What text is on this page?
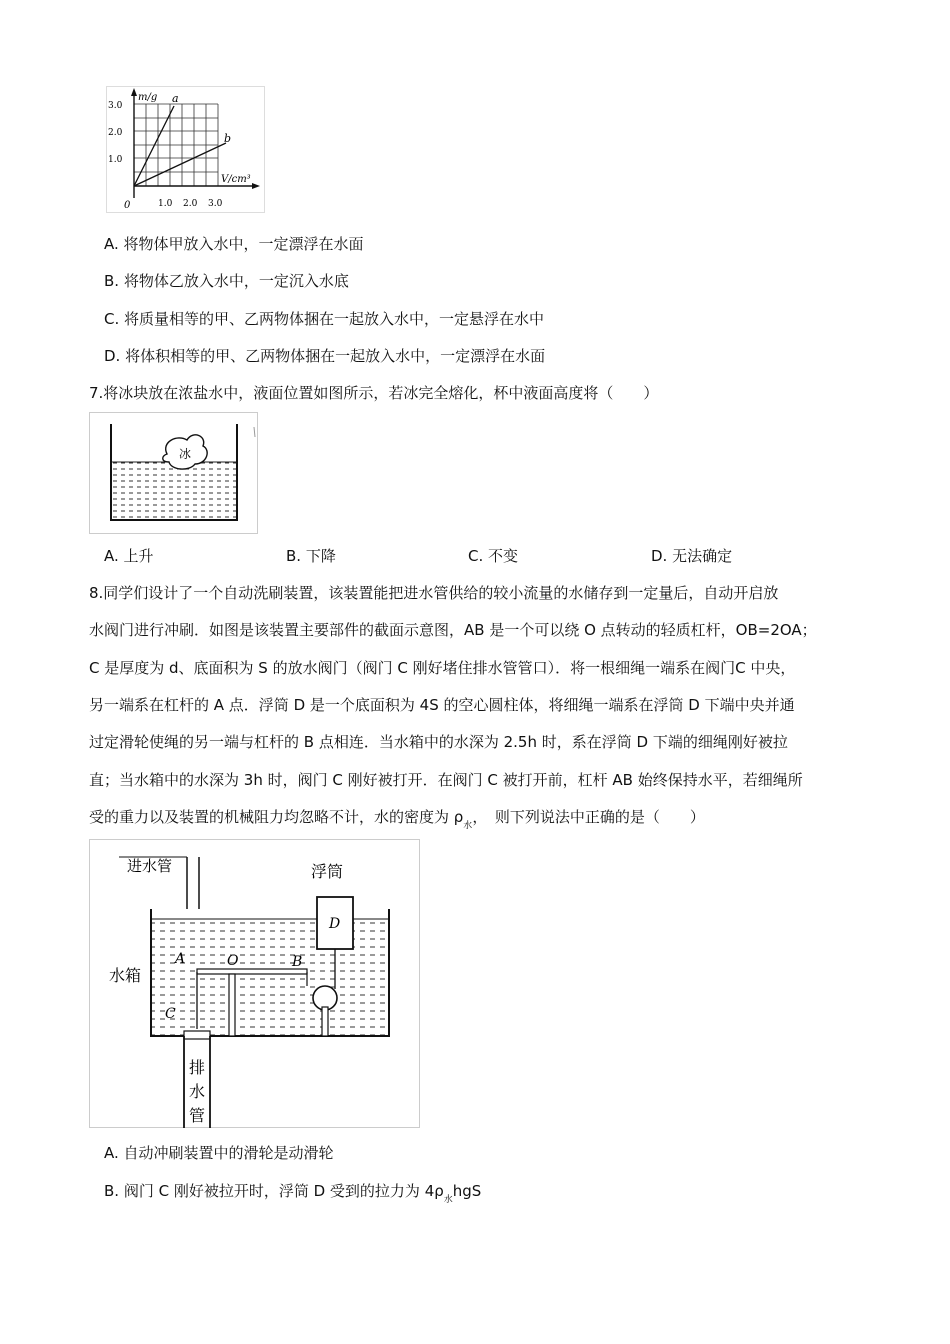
m/g a
b
3.0
2.0
1.0
V/cm³
0	1.0 2.0 3.0
A. 将物体甲放入水中，一定漂浮在水面
B. 将物体乙放入水中，一定沉入水底
C. 将质量相等的甲、乙两物体捆在一起放入水中，一定悬浮在水中
D. 将体积相等的甲、乙两物体捆在一起放入水中，一定漂浮在水面
7.将冰块放在浓盐水中，液面位置如图所示，若冰完全熔化，杯中液面高度将（　　）
冰
A. 上升	B. 下降	C. 不变	D. 无法确定
8.同学们设计了一个自动洗刷装置，该装置能把进水管供给的较小流量的水储存到一定量后，自动开启放
水阀门进行冲刷．如图是该装置主要部件的截面示意图，AB 是一个可以绕 O 点转动的轻质杠杆，OB=2OA；
C 是厚度为 d、底面积为 S 的放水阀门（阀门 C 刚好堵住排水管管口）．将一根细绳一端系在阀门C 中央，
另一端系在杠杆的 A 点．浮筒 D 是一个底面积为 4S 的空心圆柱体，将细绳一端系在浮筒 D 下端中央并通
过定滑轮使绳的另一端与杠杆的 B 点相连．当水箱中的水深为 2.5h 时，系在浮筒 D 下端的细绳刚好被拉
直；当水箱中的水深为 3h 时，阀门 C 刚好被打开．在阀门 C 被打开前，杠杆 AB 始终保持水平，若细绳所
受的重力以及装置的机械阻力均忽略不计，水的密度为 $\rho_水$，　则下列说法中正确的是（　　）
进水管
D
浮筒
A	O	B
C
水箱
排
水
管
A. 自动冲刷装置中的滑轮是动滑轮
B. 阀门 C 刚好被拉开时，浮筒 D 受到的拉力为 $4\rho_水hgS$
